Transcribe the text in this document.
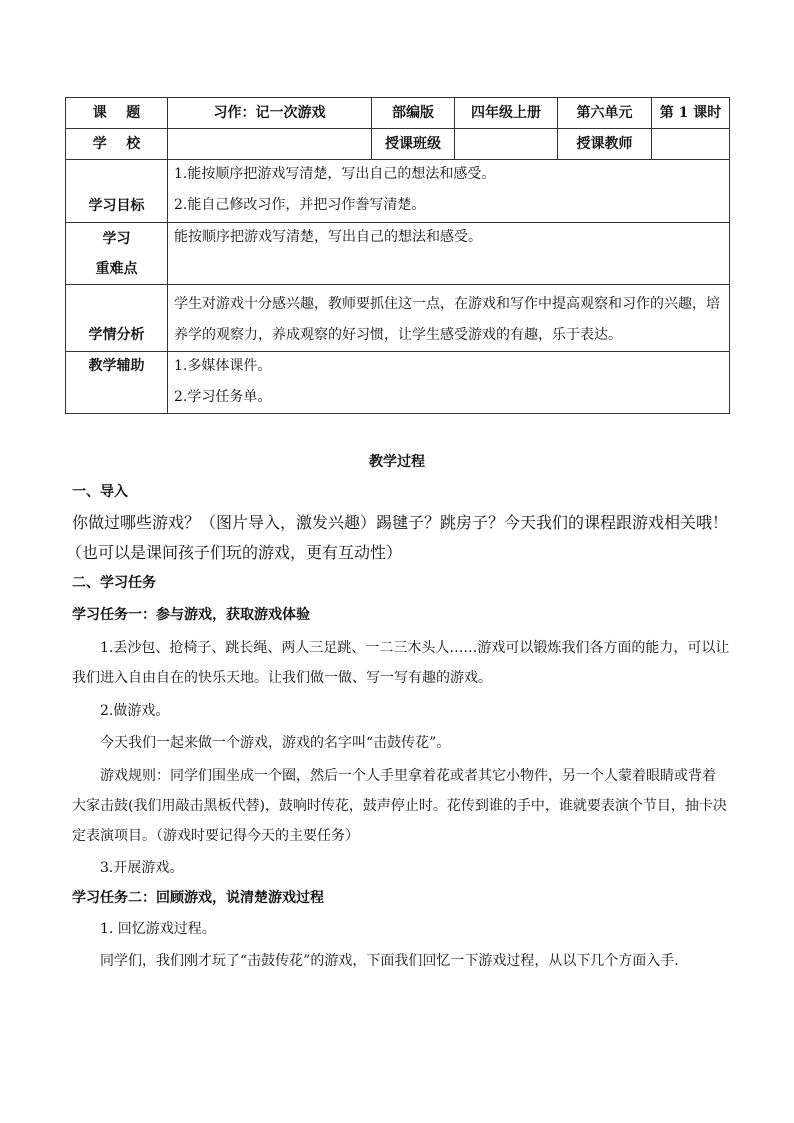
课    题	习作：记一次游戏	部编版	四年级上册	第六单元	第 1 课时
学    校		授课班级		授课教师	
学习目标	1.能按顺序把游戏写清楚，写出自己的想法和感受。
2.能自己修改习作，并把习作誊写清楚。				

学习
重难点	能按顺序把游戏写清楚，写出自己的想法和感受。				
学情分析	学生对游戏十分感兴趣，教师要抓住这一点，在游戏和写作中提高观察和习作的兴趣，培养学的观察力，养成观察的好习惯，让学生感受游戏的有趣，乐于表达。				
教学辅助	1.多媒体课件。
2.学习任务单。				
教学过程
一、导入
你做过哪些游戏？（图片导入，激发兴趣）踢毽子？跳房子？今天我们的课程跟游戏相关哦！
（也可以是课间孩子们玩的游戏，更有互动性）
二、学习任务
学习任务一：参与游戏，获取游戏体验
1.丢沙包、抢椅子、跳长绳、两人三足跳、一二三木头人……游戏可以锻炼我们各方面的能力，可以让
我们进入自由自在的快乐天地。让我们做一做、写一写有趣的游戏。
2.做游戏。
今天我们一起来做一个游戏，游戏的名字叫“击鼓传花”。
游戏规则：同学们围坐成一个圈，然后一个人手里拿着花或者其它小物件，另一个人蒙着眼睛或背着
大家击鼓(我们用敲击黑板代替)，鼓响时传花，鼓声停止时。花传到谁的手中，谁就要表演个节目，抽卡决
定表演项目。（游戏时要记得今天的主要任务）
3.开展游戏。
学习任务二：回顾游戏，说清楚游戏过程
1. 回忆游戏过程。
同学们，我们刚才玩了“击鼓传花”的游戏，下面我们回忆一下游戏过程，从以下几个方面入手.
